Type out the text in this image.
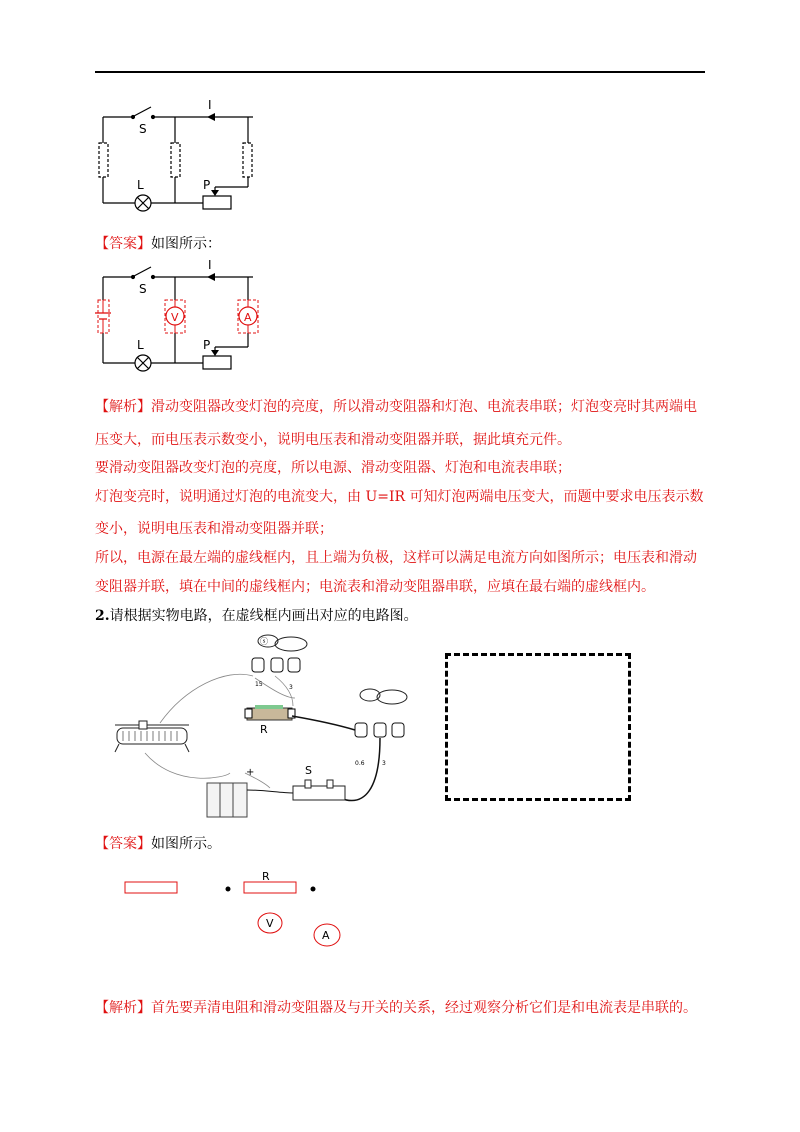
I
S
L	P
【答案】如图所示：
V	A
I
S
L	P
【解析】滑动变阻器改变灯泡的亮度，所以滑动变阻器和灯泡、电流表串联；灯泡变亮时其两端电
压变大，而电压表示数变小，说明电压表和滑动变阻器并联，据此填充元件。
要滑动变阻器改变灯泡的亮度，所以电源、滑动变阻器、灯泡和电流表串联；
灯泡变亮时，说明通过灯泡的电流变大，由 U=IR 可知灯泡两端电压变大，而题中要求电压表示数
变小，说明电压表和滑动变阻器并联；
所以，电源在最左端的虚线框内，且上端为负极，这样可以满足电流方向如图所示；电压表和滑动
变阻器并联，填在中间的虚线框内；电流表和滑动变阻器串联，应填在最右端的虚线框内。
2.请根据实物电路，在虚线框内画出对应的电路图。
ⓢ
15	3
R
0.6	3
+	S
【答案】如图所示。
R
V
A
【解析】首先要弄清电阻和滑动变阻器及与开关的关系，经过观察分析它们是和电流表是串联的。
